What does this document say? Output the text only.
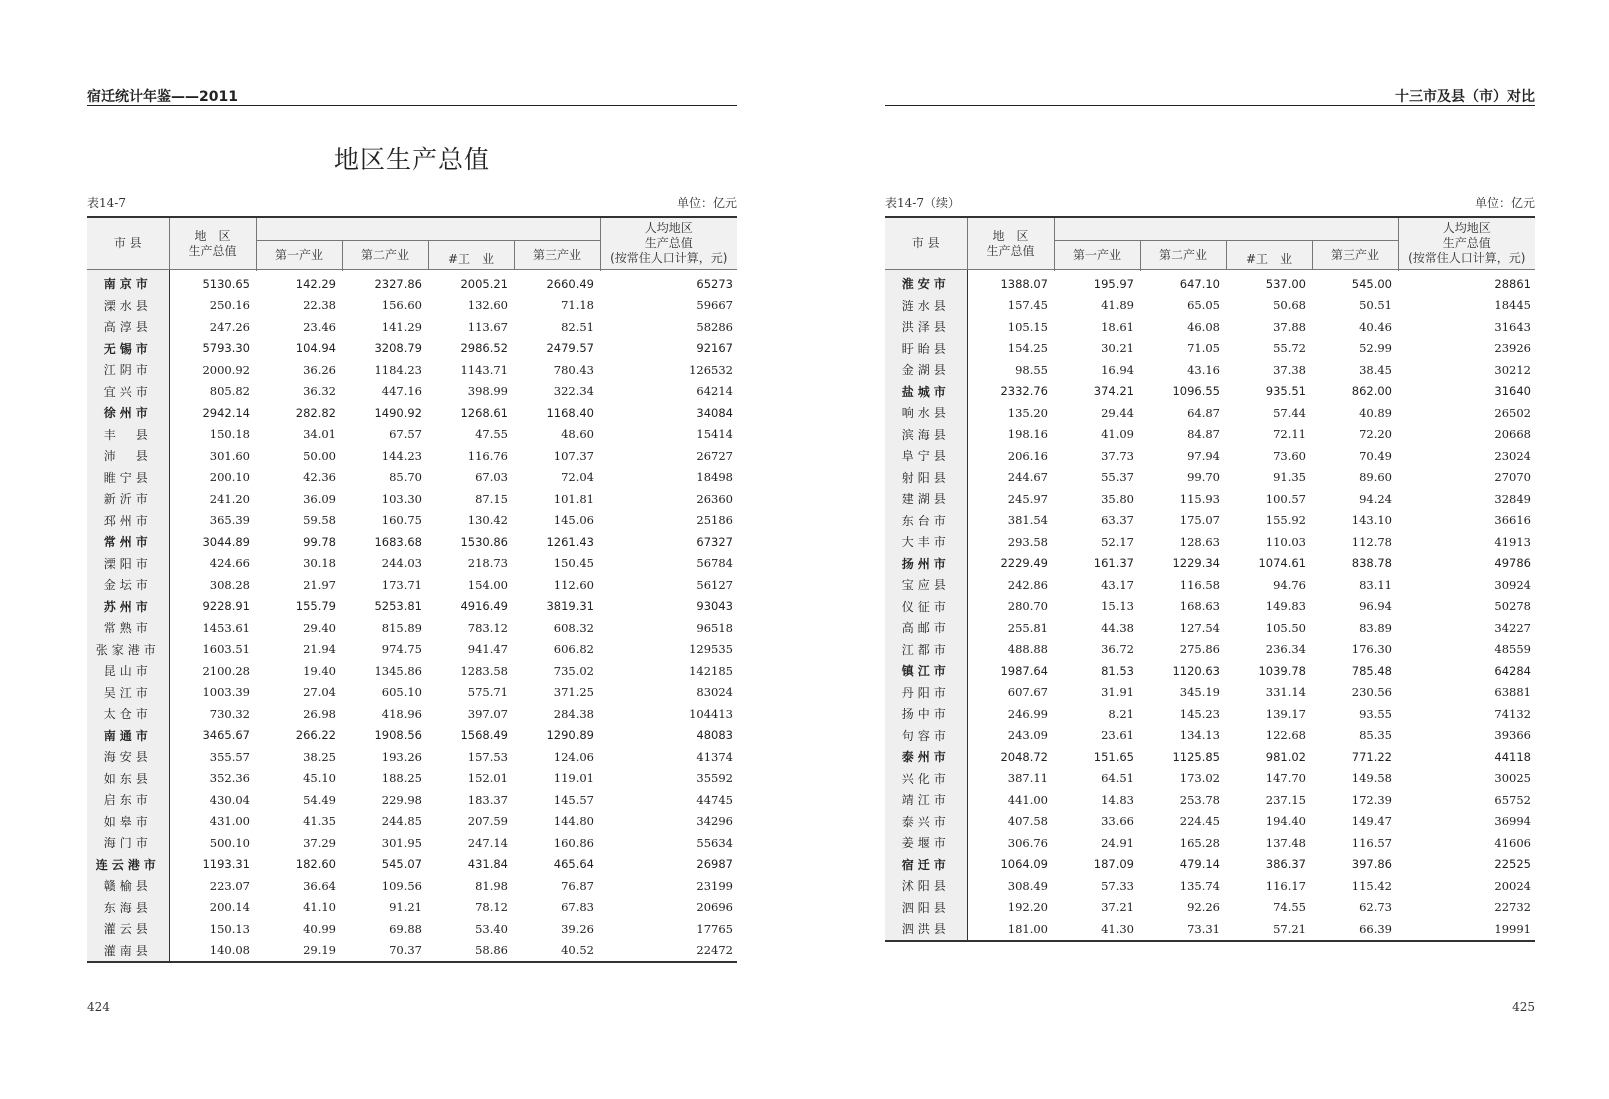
宿迁统计年鉴——2011
地区生产总值
表14-7	单位：亿元
市 县	地　区
生产总值					人均地区
生产总值
(按常住人口计算，元)
		第一产业	第二产业	#工　业	第三产业	

南京市	5130.65	142.29	2327.86	2005.21	2660.49	65273
溧水县	250.16	22.38	156.60	132.60	71.18	59667
高淳县	247.26	23.46	141.29	113.67	82.51	58286
无锡市	5793.30	104.94	3208.79	2986.52	2479.57	92167
江阴市	2000.92	36.26	1184.23	1143.71	780.43	126532
宜兴市	805.82	36.32	447.16	398.99	322.34	64214
徐州市	2942.14	282.82	1490.92	1268.61	1168.40	34084
丰　县	150.18	34.01	67.57	47.55	48.60	15414
沛　县	301.60	50.00	144.23	116.76	107.37	26727
睢宁县	200.10	42.36	85.70	67.03	72.04	18498
新沂市	241.20	36.09	103.30	87.15	101.81	26360
邳州市	365.39	59.58	160.75	130.42	145.06	25186
常州市	3044.89	99.78	1683.68	1530.86	1261.43	67327
溧阳市	424.66	30.18	244.03	218.73	150.45	56784
金坛市	308.28	21.97	173.71	154.00	112.60	56127
苏州市	9228.91	155.79	5253.81	4916.49	3819.31	93043
常熟市	1453.61	29.40	815.89	783.12	608.32	96518
张家港市	1603.51	21.94	974.75	941.47	606.82	129535
昆山市	2100.28	19.40	1345.86	1283.58	735.02	142185
吴江市	1003.39	27.04	605.10	575.71	371.25	83024
太仓市	730.32	26.98	418.96	397.07	284.38	104413
南通市	3465.67	266.22	1908.56	1568.49	1290.89	48083
海安县	355.57	38.25	193.26	157.53	124.06	41374
如东县	352.36	45.10	188.25	152.01	119.01	35592
启东市	430.04	54.49	229.98	183.37	145.57	44745
如皋市	431.00	41.35	244.85	207.59	144.80	34296
海门市	500.10	37.29	301.95	247.14	160.86	55634
连云港市	1193.31	182.60	545.07	431.84	465.64	26987
赣榆县	223.07	36.64	109.56	81.98	76.87	23199
东海县	200.14	41.10	91.21	78.12	67.83	20696
灌云县	150.13	40.99	69.88	53.40	39.26	17765
灌南县	140.08	29.19	70.37	58.86	40.52	22472
424
十三市及县（市）对比
表14-7（续）	单位：亿元
市 县	地　区
生产总值					人均地区
生产总值
(按常住人口计算，元)
		第一产业	第二产业	#工　业	第三产业	

淮安市	1388.07	195.97	647.10	537.00	545.00	28861
涟水县	157.45	41.89	65.05	50.68	50.51	18445
洪泽县	105.15	18.61	46.08	37.88	40.46	31643
盱眙县	154.25	30.21	71.05	55.72	52.99	23926
金湖县	98.55	16.94	43.16	37.38	38.45	30212
盐城市	2332.76	374.21	1096.55	935.51	862.00	31640
响水县	135.20	29.44	64.87	57.44	40.89	26502
滨海县	198.16	41.09	84.87	72.11	72.20	20668
阜宁县	206.16	37.73	97.94	73.60	70.49	23024
射阳县	244.67	55.37	99.70	91.35	89.60	27070
建湖县	245.97	35.80	115.93	100.57	94.24	32849
东台市	381.54	63.37	175.07	155.92	143.10	36616
大丰市	293.58	52.17	128.63	110.03	112.78	41913
扬州市	2229.49	161.37	1229.34	1074.61	838.78	49786
宝应县	242.86	43.17	116.58	94.76	83.11	30924
仪征市	280.70	15.13	168.63	149.83	96.94	50278
高邮市	255.81	44.38	127.54	105.50	83.89	34227
江都市	488.88	36.72	275.86	236.34	176.30	48559
镇江市	1987.64	81.53	1120.63	1039.78	785.48	64284
丹阳市	607.67	31.91	345.19	331.14	230.56	63881
扬中市	246.99	8.21	145.23	139.17	93.55	74132
句容市	243.09	23.61	134.13	122.68	85.35	39366
泰州市	2048.72	151.65	1125.85	981.02	771.22	44118
兴化市	387.11	64.51	173.02	147.70	149.58	30025
靖江市	441.00	14.83	253.78	237.15	172.39	65752
泰兴市	407.58	33.66	224.45	194.40	149.47	36994
姜堰市	306.76	24.91	165.28	137.48	116.57	41606
宿迁市	1064.09	187.09	479.14	386.37	397.86	22525
沭阳县	308.49	57.33	135.74	116.17	115.42	20024
泗阳县	192.20	37.21	92.26	74.55	62.73	22732
泗洪县	181.00	41.30	73.31	57.21	66.39	19991
425
